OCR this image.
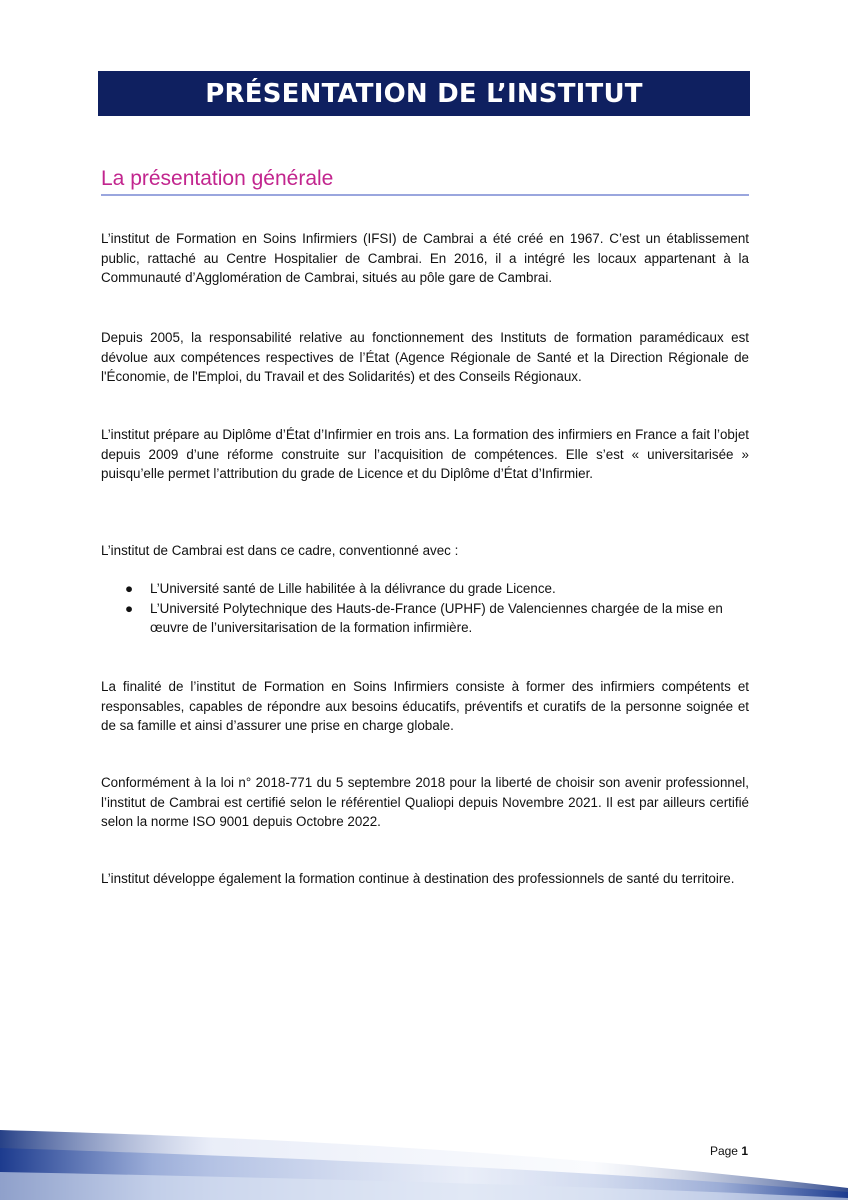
PRÉSENTATION DE L’INSTITUT
La présentation générale

L’institut de Formation en Soins Infirmiers (IFSI) de Cambrai a été créé en 1967. C’est un établissement public, rattaché au Centre Hospitalier de Cambrai. En 2016, il a intégré les locaux appartenant à la Communauté d’Agglomération de Cambrai, situés au pôle gare de Cambrai.

Depuis 2005, la responsabilité relative au fonctionnement des Instituts de formation paramédicaux est dévolue aux compétences respectives de l’État (Agence Régionale de Santé et la Direction Régionale de l'Économie, de l'Emploi, du Travail et des Solidarités) et des Conseils Régionaux.

L’institut prépare au Diplôme d’État d’Infirmier en trois ans. La formation des infirmiers en France a fait l’objet depuis 2009 d’une réforme construite sur l’acquisition de compétences. Elle s’est « universitarisée » puisqu’elle permet l’attribution du grade de Licence et du Diplôme d’État d’Infirmier.

L’institut de Cambrai est dans ce cadre, conventionné avec :

● L’Université santé de Lille habilitée à la délivrance du grade Licence.
● L’Université Polytechnique des Hauts-de-France (UPHF) de Valenciennes chargée de la mise en œuvre de l’universitarisation de la formation infirmière.

La finalité de l’institut de Formation en Soins Infirmiers consiste à former des infirmiers compétents et responsables, capables de répondre aux besoins éducatifs, préventifs et curatifs de la personne soignée et de sa famille et ainsi d’assurer une prise en charge globale.

Conformément à la loi n° 2018-771 du 5 septembre 2018 pour la liberté de choisir son avenir professionnel, l’institut de Cambrai est certifié selon le référentiel Qualiopi depuis Novembre 2021. Il est par ailleurs certifié selon la norme ISO 9001 depuis Octobre 2022.

L’institut développe également la formation continue à destination des professionnels de santé du territoire.

Page 1
